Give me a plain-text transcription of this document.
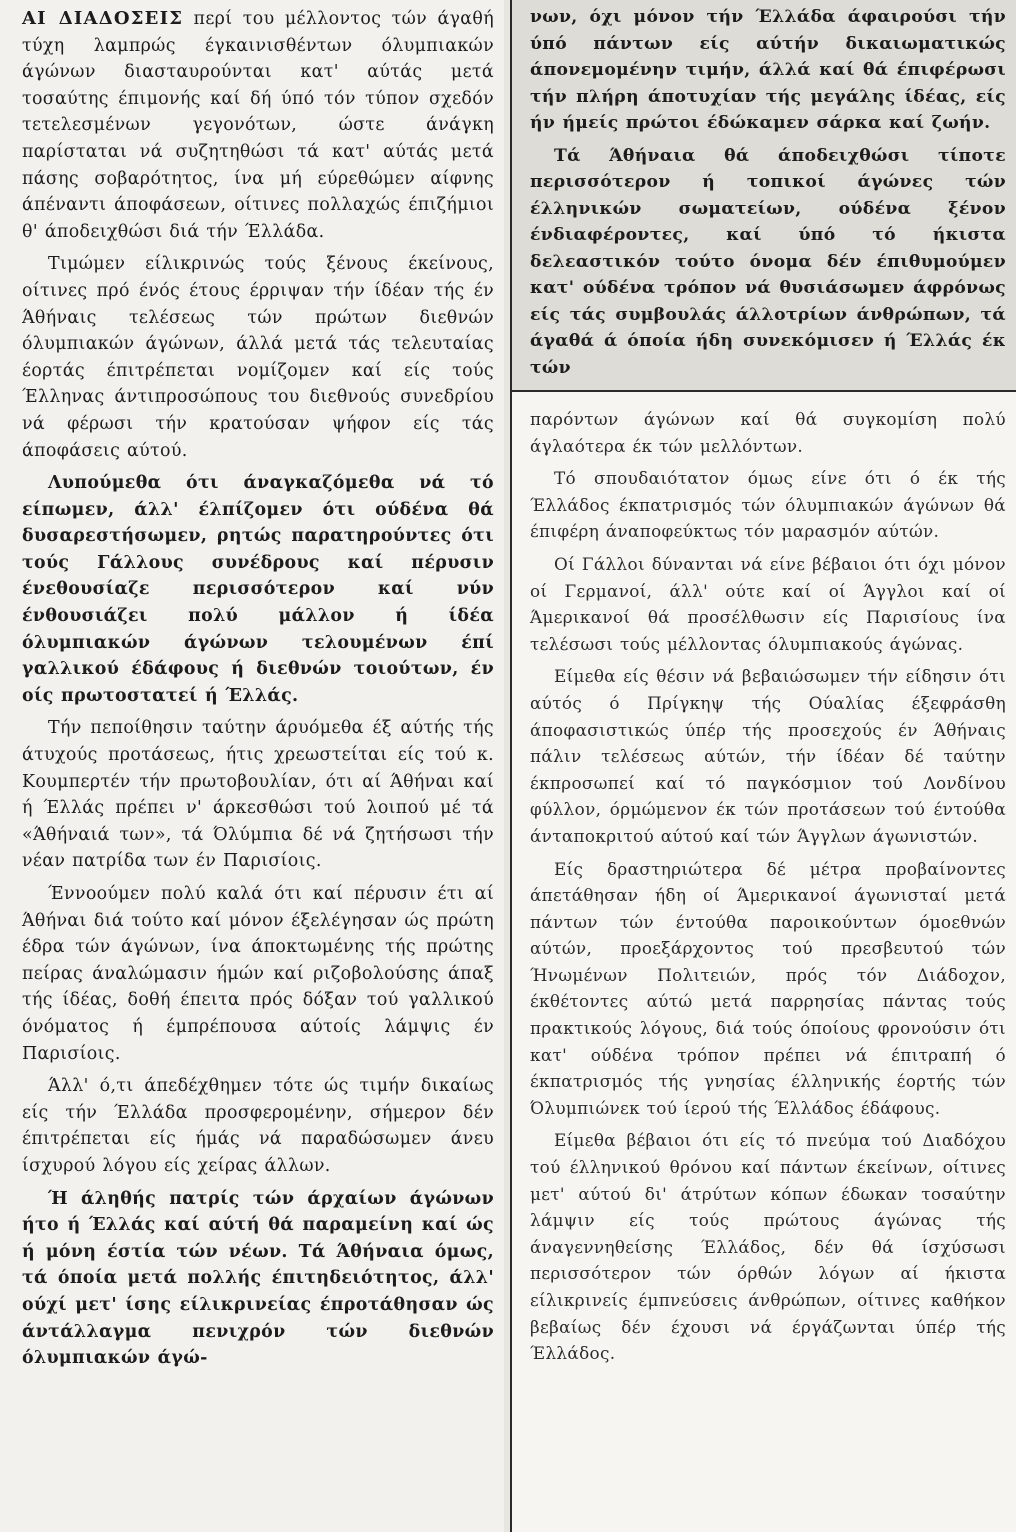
ΑΙ ΔΙΑΔΟΣΕΙΣ περί του μέλλοντος τών άγαθή τύχη λαμπρώς έγκαινισθέντων όλυμπιακών άγώνων διασταυρούνται κατ' αύτάς μετά τοσαύτης έπιμονής καί δή ύπό τόν τύπον σχεδόν τετελεσμένων γεγονότων, ώστε άνάγκη παρίσταται νά συζητηθώσι τά κατ' αύτάς μετά πάσης σοβαρότητος, ίνα μή εύρεθώμεν αίφνης άπέναντι άποφάσεων, οίτινες πολλαχώς έπιζήμιοι θ' άποδειχθώσι διά τήν Έλλάδα.

Τιμώμεν είλικρινώς τούς ξένους έκείνους, οίτινες πρό ένός έτους έρριψαν τήν ίδέαν τής έν Άθήναις τελέσεως τών πρώτων διεθνών όλυμπιακών άγώνων, άλλά μετά τάς τελευταίας έορτάς έπιτρέπεται νομίζομεν καί είς τούς Έλληνας άντιπροσώπους του διεθνούς συνεδρίου νά φέρωσι τήν κρατούσαν ψήφον είς τάς άποφάσεις αύτού.

Λυπούμεθα ότι άναγκαζόμεθα νά τό είπωμεν, άλλ' έλπίζομεν ότι ούδένα θά δυσαρεστήσωμεν, ρητώς παρατηρούντες ότι τούς Γάλλους συνέδρους καί πέρυσιν ένεθουσίαζε περισσότερον καί νύν ένθουσιάζει πολύ μάλλον ή ίδέα όλυμπιακών άγώνων τελουμένων έπί γαλλικού έδάφους ή διεθνών τοιούτων, έν οίς πρωτοστατεί ή Έλλάς.

Τήν πεποίθησιν ταύτην άρυόμεθα έξ αύτής τής άτυχούς προτάσεως, ήτις χρεωστείται είς τού κ. Κουμπερτέν τήν πρωτοβουλίαν, ότι αί Άθήναι καί ή Έλλάς πρέπει ν' άρκεσθώσι τού λοιπού μέ τά «Άθήναιά των», τά Όλύμπια δέ νά ζητήσωσι τήν νέαν πατρίδα των έν Παρισίοις.

Έννοούμεν πολύ καλά ότι καί πέρυσιν έτι αί Άθήναι διά τούτο καί μόνον έξελέγησαν ώς πρώτη έδρα τών άγώνων, ίνα άποκτωμένης τής πρώτης πείρας άναλώμασιν ήμών καί ριζοβολούσης άπαξ τής ίδέας, δοθή έπειτα πρός δόξαν τού γαλλικού όνόματος ή έμπρέπουσα αύτοίς λάμψις έν Παρισίοις.

Άλλ' ό,τι άπεδέχθημεν τότε ώς τιμήν δικαίως είς τήν Έλλάδα προσφερομένην, σήμερον δέν έπιτρέπεται είς ήμάς νά παραδώσωμεν άνευ ίσχυρού λόγου είς χείρας άλλων.

Ή άληθής πατρίς τών άρχαίων άγώνων ήτο ή Έλλάς καί αύτή θά παραμείνη καί ώς ή μόνη έστία τών νέων. Τά Άθήναια όμως, τά όποία μετά πολλής έπιτηδειότητος, άλλ' ούχί μετ' ίσης είλικρινείας έπροτάθησαν ώς άντάλλαγμα πενιχρόν τών διεθνών όλυμπιακών άγώ-

νων, όχι μόνον τήν Έλλάδα άφαιρούσι τήν ύπό πάντων είς αύτήν δικαιωματικώς άπονεμομένην τιμήν, άλλά καί θά έπιφέρωσι τήν πλήρη άποτυχίαν τής μεγάλης ίδέας, είς ήν ήμείς πρώτοι έδώκαμεν σάρκα καί ζωήν.

Τά Άθήναια θά άποδειχθώσι τίποτε περισσότερον ή τοπικοί άγώνες τών έλληνικών σωματείων, ούδένα ξένον ένδιαφέροντες, καί ύπό τό ήκιστα δελεαστικόν τούτο όνομα δέν έπιθυμούμεν κατ' ούδένα τρόπον νά θυσιάσωμεν άφρόνως είς τάς συμβουλάς άλλοτρίων άνθρώπων, τά άγαθά ά όποία ήδη συνεκόμισεν ή Έλλάς έκ τών

παρόντων άγώνων καί θά συγκομίση πολύ άγλαότερα έκ τών μελλόντων.

Τό σπουδαιότατον όμως είνε ότι ό έκ τής Έλλάδος έκπατρισμός τών όλυμπιακών άγώνων θά έπιφέρη άναποφεύκτως τόν μαρασμόν αύτών.

Οί Γάλλοι δύνανται νά είνε βέβαιοι ότι όχι μόνον οί Γερμανοί, άλλ' ούτε καί οί Άγγλοι καί οί Άμερικανοί θά προσέλθωσιν είς Παρισίους ίνα τελέσωσι τούς μέλλοντας όλυμπιακούς άγώνας.

Είμεθα είς θέσιν νά βεβαιώσωμεν τήν είδησιν ότι αύτός ό Πρίγκηψ τής Ούαλίας έξεφράσθη άποφασιστικώς ύπέρ τής προσεχούς έν Άθήναις πάλιν τελέσεως αύτών, τήν ίδέαν δέ ταύτην έκπροσωπεί καί τό παγκόσμιον τού Λονδίνου φύλλον, όρμώμενον έκ τών προτάσεων τού έντούθα άνταποκριτού αύτού καί τών Άγγλων άγωνιστών.

Είς δραστηριώτερα δέ μέτρα προβαίνοντες άπετάθησαν ήδη οί Άμερικανοί άγωνισταί μετά πάντων τών έντούθα παροικούντων όμοεθνών αύτών, προεξάρχοντος τού πρεσβευτού τών Ήνωμένων Πολιτειών, πρός τόν Διάδοχον, έκθέτοντες αύτώ μετά παρρησίας πάντας τούς πρακτικούς λόγους, διά τούς όποίους φρονούσιν ότι κατ' ούδένα τρόπον πρέπει νά έπιτραπή ό έκπατρισμός τής γνησίας έλληνικής έορτής τών Όλυμπιώνεκ τού ίερού τής Έλλάδος έδάφους.

Είμεθα βέβαιοι ότι είς τό πνεύμα τού Διαδόχου τού έλληνικού θρόνου καί πάντων έκείνων, οίτινες μετ' αύτού δι' άτρύτων κόπων έδωκαν τοσαύτην λάμψιν είς τούς πρώτους άγώνας τής άναγεννηθείσης Έλλάδος, δέν θά ίσχύσωσι περισσότερον τών όρθών λόγων αί ήκιστα είλικρινείς έμπνεύσεις άνθρώπων, οίτινες καθήκον βεβαίως δέν έχουσι νά έργάζωνται ύπέρ τής Έλλάδος.
